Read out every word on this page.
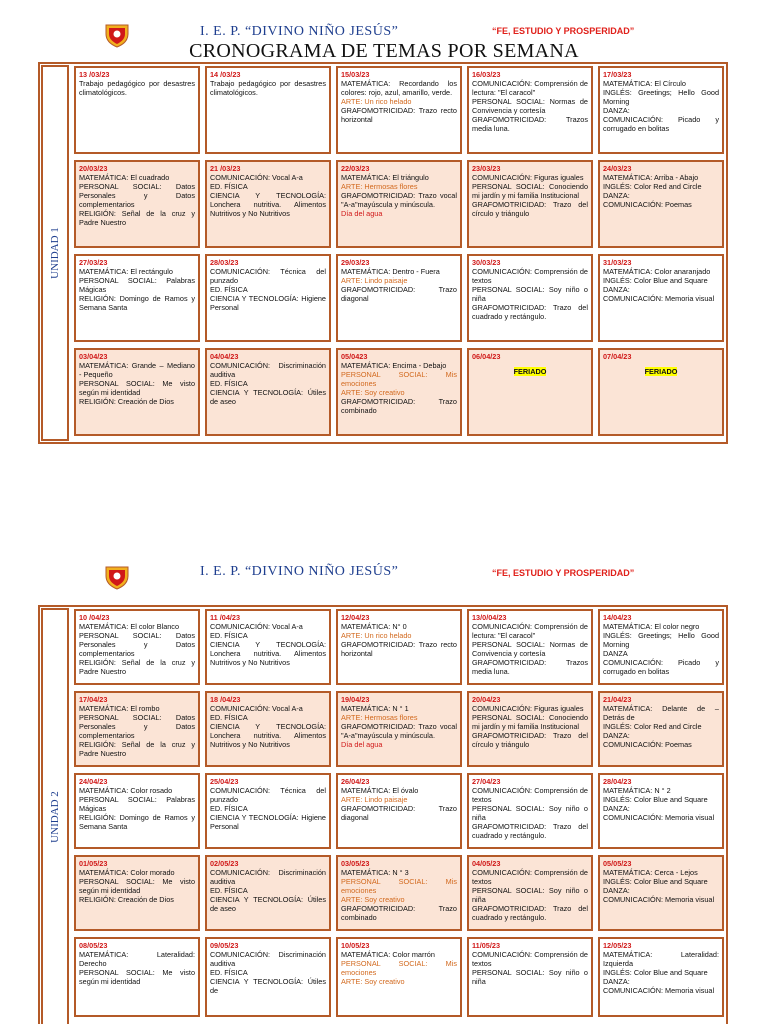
I. E. P. “DIVINO NIÑO JESÚS”	“FE, ESTUDIO Y PROSPERIDAD”
CRONOGRAMA DE TEMAS POR SEMANA
UNIDAD 1
13 /03/23
Trabajo pedagógico por desastres climatológicos.
14 /03/23
Trabajo pedagógico por desastres climatológicos.
15/03/23
MATEMÁTICA: Recordando los colores: rojo, azul, amarillo, verde.
ARTE: Un rico helado
GRAFOMOTRICIDAD: Trazo recto horizontal
16/03/23
COMUNICACIÓN: Comprensión de lectura: "El caracol"
PERSONAL SOCIAL: Normas de Convivencia y cortesía
GRAFOMOTRICIDAD: Trazos media luna.
17/03/23
MATEMÁTICA: El Círculo
INGLÉS: Greetings; Hello Good Morning
DANZA:
COMUNICACIÓN: Picado y corrugado en bolitas
20/03/23
MATEMÁTICA: El cuadrado
PERSONAL SOCIAL: Datos Personales y Datos complementarios
RELIGIÓN: Señal de la cruz y Padre Nuestro
21 /03/23
COMUNICACIÓN: Vocal A-a
ED. FÍSICA
CIENCIA Y TECNOLOGÍA: Lonchera nutritiva. Alimentos Nutritivos y No Nutritivos
22/03/23
MATEMÁTICA: El triángulo
ARTE: Hermosas flores
GRAFOMOTRICIDAD: Trazo vocal "A-a"mayúscula y minúscula.
Día del agua
23/03/23
COMUNICACIÓN: Figuras iguales
PERSONAL SOCIAL: Conociendo mi jardín y mi familia Institucional
GRAFOMOTRICIDAD: Trazo del círculo y triángulo
24/03/23
MATEMÁTICA: Arriba - Abajo
INGLÉS: Color Red and Circle
DANZA:
COMUNICACIÓN: Poemas
27/03/23
MATEMÁTICA: El rectángulo
PERSONAL SOCIAL: Palabras Mágicas
RELIGIÓN: Domingo de Ramos y Semana Santa
28/03/23
COMUNICACIÓN: Técnica del punzado
ED. FÍSICA
CIENCIA Y TECNOLOGÍA: Higiene Personal
29/03/23
MATEMÁTICA: Dentro - Fuera
ARTE: Lindo paisaje
GRAFOMOTRICIDAD: Trazo diagonal
30/03/23
COMUNICACIÓN: Comprensión de textos
PERSONAL SOCIAL: Soy niño o niña
GRAFOMOTRICIDAD: Trazo del cuadrado y rectángulo.
31/03/23
MATEMÁTICA: Color anaranjado
INGLÉS: Color Blue and Square
DANZA:
COMUNICACIÓN: Memoria visual
03/04/23
MATEMÁTICA: Grande – Mediano - Pequeño
PERSONAL SOCIAL: Me visto según mi identidad
RELIGIÓN: Creación de Dios
04/04/23
COMUNICACIÓN: Discriminación auditiva
ED. FÍSICA
CIENCIA Y TECNOLOGÍA: Útiles de aseo
05/0423
MATEMÁTICA: Encima - Debajo
PERSONAL SOCIAL: Mis emociones
ARTE: Soy creativo
GRAFOMOTRICIDAD: Trazo combinado
06/04/23
FERIADO
07/04/23
FERIADO
I. E. P. “DIVINO NIÑO JESÚS”	“FE, ESTUDIO Y PROSPERIDAD”
UNIDAD 2
10 /04/23
MATEMÁTICA: El color Blanco
PERSONAL SOCIAL: Datos Personales y Datos complementarios
RELIGIÓN: Señal de la cruz y Padre Nuestro
11 /04/23
COMUNICACIÓN: Vocal A-a
ED. FÍSICA
CIENCIA Y TECNOLOGÍA: Lonchera nutritiva. Alimentos Nutritivos y No Nutritivos
12/04/23
MATEMÁTICA: N° 0
ARTE: Un rico helado
GRAFOMOTRICIDAD: Trazo recto horizontal
13/0/04/23
COMUNICACIÓN: Comprensión de lectura: "El caracol"
PERSONAL SOCIAL: Normas de Convivencia y cortesía
GRAFOMOTRICIDAD: Trazos media luna.
14/04/23
MATEMÁTICA: El color negro
INGLÉS: Greetings; Hello Good Morning
DANZA
COMUNICACIÓN: Picado y corrugado en bolitas
17/04/23
MATEMÁTICA: El rombo
PERSONAL SOCIAL: Datos Personales y Datos complementarios
RELIGIÓN: Señal de la cruz y Padre Nuestro
18 /04/23
COMUNICACIÓN: Vocal A-a
ED. FÍSICA
CIENCIA Y TECNOLOGÍA: Lonchera nutritiva. Alimentos Nutritivos y No Nutritivos
19/04/23
MATEMÁTICA: N ° 1
ARTE: Hermosas flores
GRAFOMOTRICIDAD: Trazo vocal "A-a"mayúscula y minúscula.
Día del agua
20/04/23
COMUNICACIÓN: Figuras iguales
PERSONAL SOCIAL: Conociendo mi jardín y mi familia Institucional
GRAFOMOTRICIDAD: Trazo del círculo y triángulo
21/04/23
MATEMÁTICA: Delante de – Detrás de
INGLÉS: Color Red and Circle
DANZA:
COMUNICACIÓN: Poemas
24/04/23
MATEMÁTICA: Color rosado
PERSONAL SOCIAL: Palabras Mágicas
RELIGIÓN: Domingo de Ramos y Semana Santa
25/04/23
COMUNICACIÓN: Técnica del punzado
ED. FÍSICA
CIENCIA Y TECNOLOGÍA: Higiene Personal
26/04/23
MATEMÁTICA: El óvalo
ARTE: Lindo paisaje
GRAFOMOTRICIDAD: Trazo diagonal
27/04/23
COMUNICACIÓN: Comprensión de textos
PERSONAL SOCIAL: Soy niño o niña
GRAFOMOTRICIDAD: Trazo del cuadrado y rectángulo.
28/04/23
MATEMÁTICA: N ° 2
INGLÉS: Color Blue and Square
DANZA:
COMUNICACIÓN: Memoria visual
01/05/23
MATEMÁTICA: Color morado
PERSONAL SOCIAL: Me visto según mi identidad
RELIGIÓN: Creación de Dios
02/05/23
COMUNICACIÓN: Discriminación auditiva
ED. FÍSICA
CIENCIA Y TECNOLOGÍA: Útiles de aseo
03/05/23
MATEMÁTICA: N ° 3
PERSONAL SOCIAL: Mis emociones
ARTE: Soy creativo
GRAFOMOTRICIDAD: Trazo combinado
04/05/23
COMUNICACIÓN: Comprensión de textos
PERSONAL SOCIAL: Soy niño o niña
GRAFOMOTRICIDAD: Trazo del cuadrado y rectángulo.
05/05/23
MATEMÁTICA: Cerca - Lejos
INGLÉS: Color Blue and Square
DANZA:
COMUNICACIÓN: Memoria visual
08/05/23
MATEMÁTICA: Lateralidad: Derecho
PERSONAL SOCIAL: Me visto según mi identidad
09/05/23
COMUNICACIÓN: Discriminación auditiva
ED. FÍSICA
CIENCIA Y TECNOLOGÍA: Útiles de
10/05/23
MATEMÁTICA: Color marrón
PERSONAL SOCIAL: Mis emociones
ARTE: Soy creativo
11/05/23
COMUNICACIÓN: Comprensión de textos
PERSONAL SOCIAL: Soy niño o niña
12/05/23
MATEMÁTICA: Lateralidad: Izquierda
INGLÉS: Color Blue and Square
DANZA:
COMUNICACIÓN: Memoria visual
